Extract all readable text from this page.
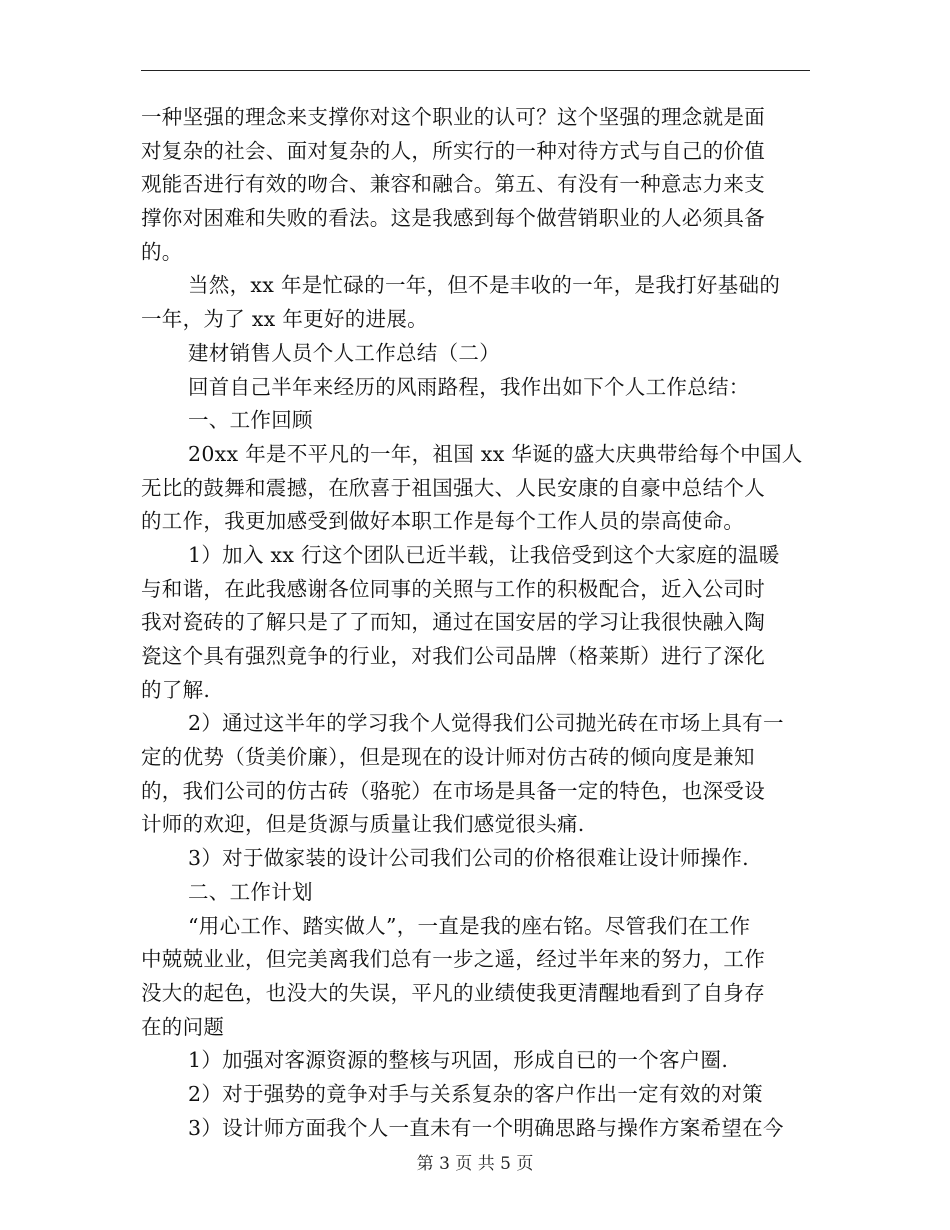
一种坚强的理念来支撑你对这个职业的认可？这个坚强的理念就是面
对复杂的社会、面对复杂的人，所实行的一种对待方式与自己的价值
观能否进行有效的吻合、兼容和融合。第五、有没有一种意志力来支
撑你对困难和失败的看法。这是我感到每个做营销职业的人必须具备
的。
当然，xx 年是忙碌的一年，但不是丰收的一年，是我打好基础的
一年，为了 xx 年更好的进展。
建材销售人员个人工作总结（二）
回首自己半年来经历的风雨路程，我作出如下个人工作总结：
一、工作回顾
20xx 年是不平凡的一年，祖国 xx 华诞的盛大庆典带给每个中国人
无比的鼓舞和震撼，在欣喜于祖国强大、人民安康的自豪中总结个人
的工作，我更加感受到做好本职工作是每个工作人员的崇高使命。
1）加入 xx 行这个团队已近半载，让我倍受到这个大家庭的温暖
与和谐，在此我感谢各位同事的关照与工作的积极配合，近入公司时
我对瓷砖的了解只是了了而知，通过在国安居的学习让我很快融入陶
瓷这个具有强烈竟争的行业，对我们公司品牌（格莱斯）进行了深化
的了解.
2）通过这半年的学习我个人觉得我们公司抛光砖在市场上具有一
定的优势（货美价廉），但是现在的设计师对仿古砖的倾向度是兼知
的，我们公司的仿古砖（骆驼）在市场是具备一定的特色，也深受设
计师的欢迎，但是货源与质量让我们感觉很头痛.
3）对于做家装的设计公司我们公司的价格很难让设计师操作.
二、工作计划
“用心工作、踏实做人”，一直是我的座右铭。尽管我们在工作
中兢兢业业，但完美离我们总有一步之遥，经过半年来的努力，工作
没大的起色，也没大的失误，平凡的业绩使我更清醒地看到了自身存
在的问题
1）加强对客源资源的整核与巩固，形成自已的一个客户圈.
2）对于强势的竟争对手与关系复杂的客户作出一定有效的对策
3）设计师方面我个人一直未有一个明确思路与操作方案希望在今
第 3 页 共 5 页
